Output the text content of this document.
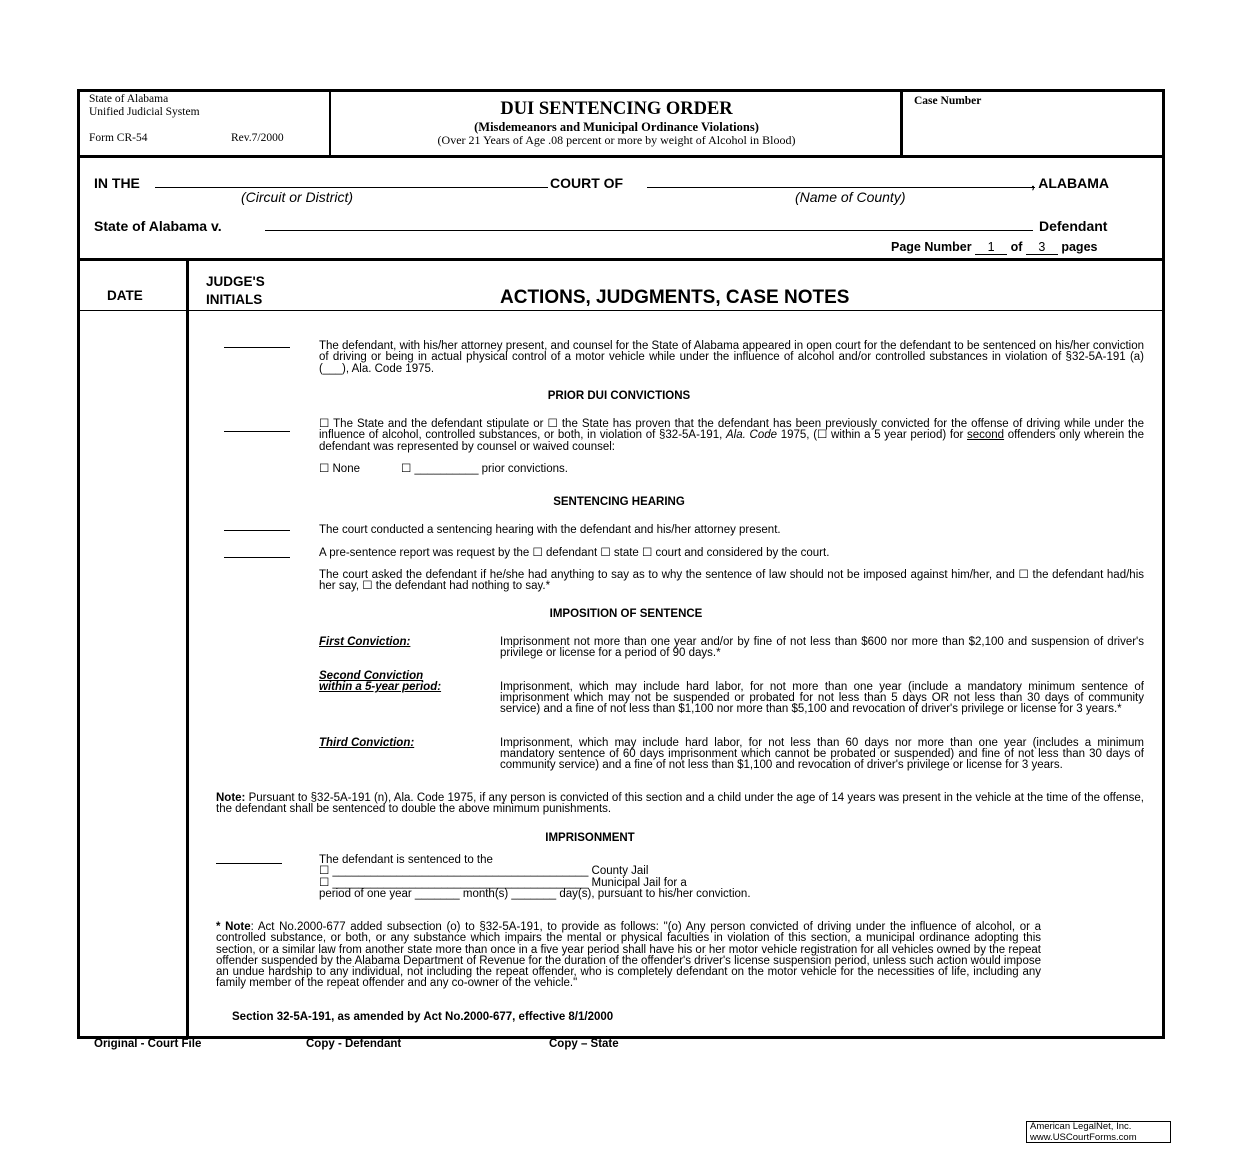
State of Alabama
Unified Judicial System
Form CR-54	Rev.7/2000
DUI SENTENCING ORDER
(Misdemeanors and Municipal Ordinance Violations)
(Over 21 Years of Age .08 percent or more by weight of Alcohol in Blood)
Case Number
IN THE	COURT OF	, ALABAMA
(Circuit or District)	(Name of County)
State of Alabama v.	Defendant
Page Number 1 of 3 pages
DATE
JUDGE'S
INITIALS	ACTIONS, JUDGMENTS, CASE NOTES
The defendant, with his/her attorney present, and counsel for the State of Alabama appeared in open court for the defendant to be sentenced on his/her conviction of driving or being in actual physical control of a motor vehicle while under the influence of alcohol and/or controlled substances in violation of §32-5A-191 (a) (___), Ala. Code 1975.
PRIOR DUI CONVICTIONS
☐ The State and the defendant stipulate or ☐ the State has proven that the defendant has been previously convicted for the offense of driving while under the influence of alcohol, controlled substances, or both, in violation of §32-5A-191, Ala. Code 1975, (☐ within a 5 year period) for second offenders only wherein the defendant was represented by counsel or waived counsel:
☐ None	☐ __________ prior convictions.
SENTENCING HEARING
The court conducted a sentencing hearing with the defendant and his/her attorney present.
A pre-sentence report was request by the ☐ defendant ☐ state ☐ court and considered by the court.
The court asked the defendant if he/she had anything to say as to why the sentence of law should not be imposed against him/her, and ☐ the defendant had/his her say, ☐ the defendant had nothing to say.*
IMPOSITION OF SENTENCE
First Conviction:	Imprisonment not more than one year and/or by fine of not less than $600 nor more than $2,100 and suspension of driver's privilege or license for a period of 90 days.*
Second Conviction
within a 5-year period:	Imprisonment, which may include hard labor, for not more than one year (include a mandatory minimum sentence of imprisonment which may not be suspended or probated for not less than 5 days OR not less than 30 days of community service) and a fine of not less than $1,100 nor more than $5,100 and revocation of driver's privilege or license for 3 years.*
Third Conviction:	Imprisonment, which may include hard labor, for not less than 60 days nor more than one year (includes a minimum mandatory sentence of 60 days imprisonment which cannot be probated or suspended) and fine of not less than 30 days of community service) and a fine of not less than $1,100 and revocation of driver's privilege or license for 3 years.
Note: Pursuant to §32-5A-191 (n), Ala. Code 1975, if any person is convicted of this section and a child under the age of 14 years was present in the vehicle at the time of the offense, the defendant shall be sentenced to double the above minimum punishments.
IMPRISONMENT
The defendant is sentenced to the
☐ ________________________________________ County Jail
☐ ________________________________________ Municipal Jail for a
period of one year _______ month(s) _______ day(s), pursuant to his/her conviction.
* Note: Act No.2000-677 added subsection (o) to §32-5A-191, to provide as follows: "(o) Any person convicted of driving under the influence of alcohol, or a controlled substance, or both, or any substance which impairs the mental or physical faculties in violation of this section, a municipal ordinance adopting this section, or a similar law from another state more than once in a five year period shall have his or her motor vehicle registration for all vehicles owned by the repeat offender suspended by the Alabama Department of Revenue for the duration of the offender's driver's license suspension period, unless such action would impose an undue hardship to any individual, not including the repeat offender, who is completely defendant on the motor vehicle for the necessities of life, including any family member of the repeat offender and any co-owner of the vehicle."
Section 32-5A-191, as amended by Act No.2000-677, effective 8/1/2000
Original - Court File	Copy - Defendant	Copy – State
American LegalNet, Inc.
www.USCourtForms.com
